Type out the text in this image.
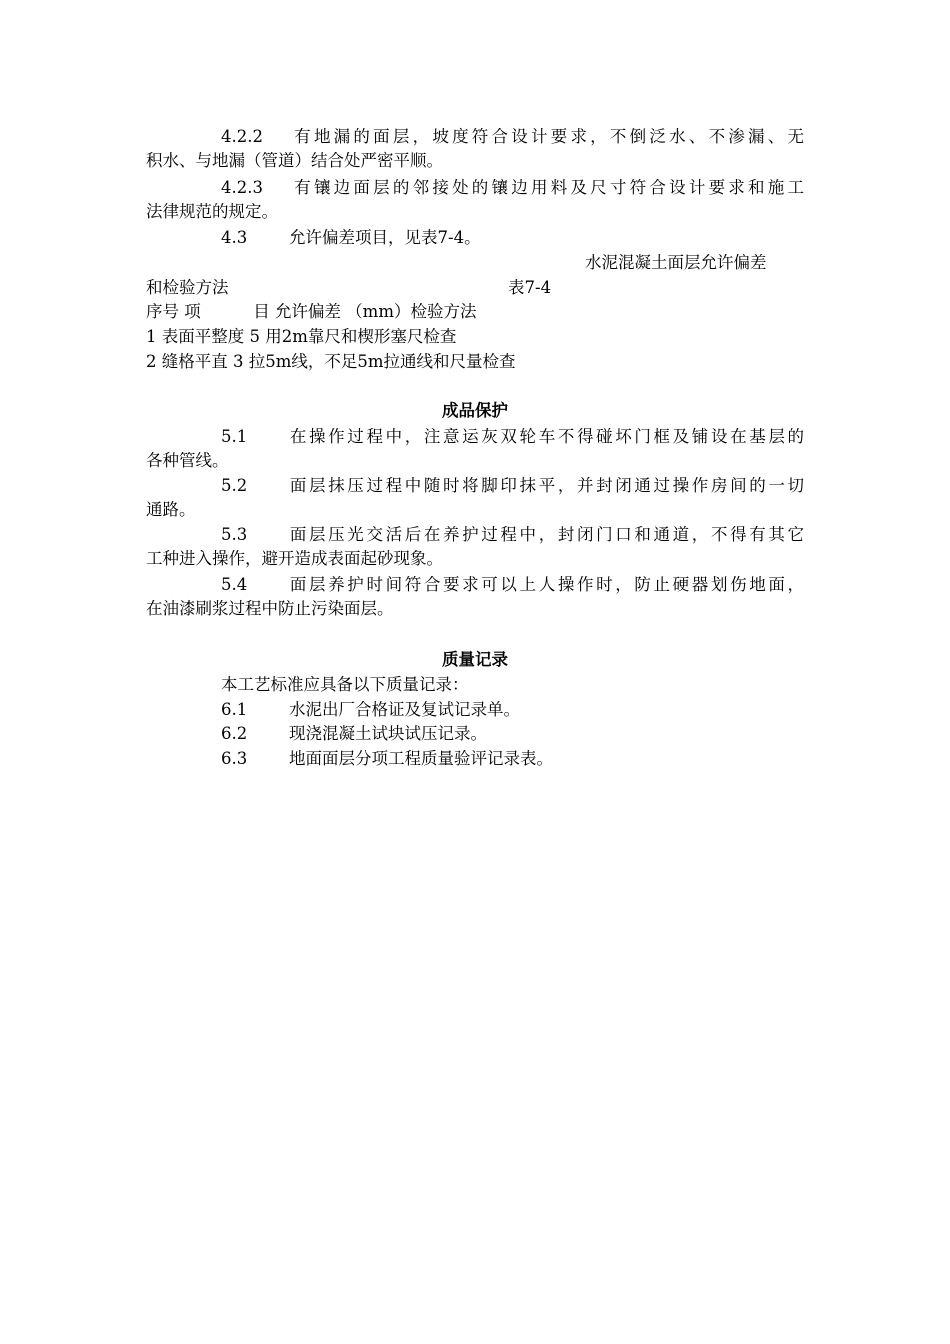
4.2.2 有地漏的面层，坡度符合设计要求，不倒泛水、不渗漏、无
积水、与地漏（管道）结合处严密平顺。
4.2.3 有镶边面层的邻接处的镶边用料及尺寸符合设计要求和施工
法律规范的规定。
4.3	允许偏差项目，见表7-4。
水泥混凝土面层允许偏差
和检验方法	表7-4
序号 项          目 允许偏差 （mm）检验方法
1 表面平整度 5 用2m靠尺和楔形塞尺检查
2 缝格平直 3 拉5m线，不足5m拉通线和尺量检查
成品保护
5.1 在操作过程中，注意运灰双轮车不得碰坏门框及铺设在基层的
各种管线。
5.2 面层抹压过程中随时将脚印抹平，并封闭通过操作房间的一切
通路。
5.3 面层压光交活后在养护过程中，封闭门口和通道，不得有其它
工种进入操作，避开造成表面起砂现象。
5.4 面层养护时间符合要求可以上人操作时，防止硬器划伤地面，
在油漆刷浆过程中防止污染面层。
质量记录
本工艺标准应具备以下质量记录：
6.1	水泥出厂合格证及复试记录单。
6.2	现浇混凝土试块试压记录。
6.3	地面面层分项工程质量验评记录表。
